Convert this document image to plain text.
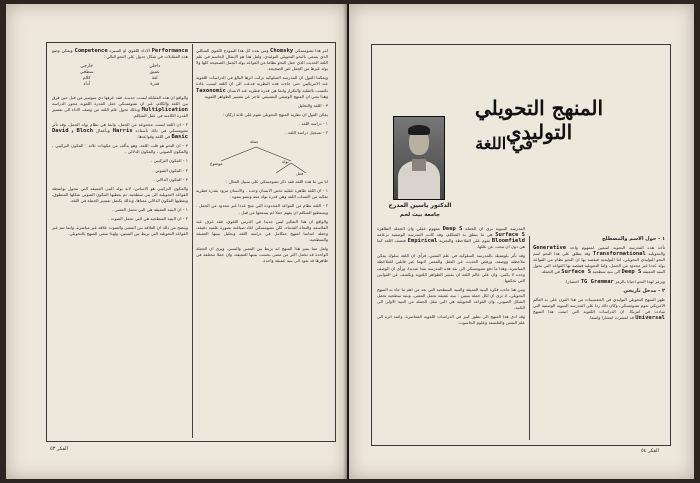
امر هذا تشومسكي Chomsky ومن بعده كل هذا النموذج اللغوي الشكلي الذي يسمى بالنحو التحويلي التوليدي، ولعل هذا هو الانتقال الحاسم في علم اللغة الحديث الذي جعل النحو نظاما من القواعد يولد الجمل الصحيحة كلها ولا يولد غيرها من الجمل غير الصحيحة.

ويمكننا القول ان المدرسة السلوكية تركت اثرها البالغ في الدراسات اللغوية عند الامريكيين حتى جاءت هذه النظرية فدعت الى ان اللغة ليست عادة تكتسب بالتقليد والتكرار وانما هي قدرة فطرية عند الانسان Taxonomic وهذا يعني ان المنهج الوصفي التصنيفي عاجز عن تفسير الظواهر اللغوية.

٣ - اللغة والتحليل

يمكن القول ان نظرية المنهج التحويلي تقوم على ثلاثة اركان :

١ - دراسة اللغة .

٢ - تسجيل دراسة اللغة .

جملة
موضوع	نواة
فعل

انا بين ما هذه اللغة فقد ذكر تشومسكي على سبيل المثال :

١ - ان اللغة ظاهرة عقلية تخص الانسان وحده ، والانسان مزود بقدرة فطرية تمكنه من اكتساب اللغة وهي قدرة تولد معه وتنمو بنموه .

٢ - اللغة نظام من القواعد المحدودة التي تنتج عددا غير محدود من الجمل . ويستطيع المتكلم ان يفهم جملا لم يسمعها من قبل .

والواقع ان هذا التفكير ليس جديدا في الدرس اللغوي، فقد عرف عند الفلاسفة والنحاة القدماء، لكن تشومسكي اعاد صياغته بصورة علمية دقيقة، وجعله اساسا لمنهج متكامل في دراسة اللغة وتحليل بنيتها العميقة والسطحية.

ولعل مما يميز هذا المنهج انه يربط بين المعنى والمبنى، ويرى ان الجملة الواحدة قد تحمل اكثر من معنى بحسب بنيتها العميقة، وان جملا مختلفة في ظاهرها قد تعود الى بنية عميقة واحدة.

Performance الاداء اللغوي او السيرة Competence ويمكن وضع هذه المقابلات في شكل جدول على النحو التالي :

داخلي
عميق
لغة
قدرة
خارجي
سطحي
كلام
أداء

والواقع ان هذه المقابلة ليست جديدة، فقد عرفها دي سوسير من قبل حين فرق بين اللغة والكلام، غير ان تشومسكي جعل القدرة اللغوية محور الدراسة Multiplication وبذلك تحول علم اللغة من وصف الاداء الى تفسير القدرة الكامنة في عقل المتكلم.

٢ - ان اللغة ليست مجموعة من الجمل، وانما هي نظام يولد الجمل، وقد تأثر تشومسكي في ذلك بأستاذه Harris وبأعمال Bloch و David Basic في اللغة وقواعدها.

٣ - ان النحو هو قلب اللغة، وهو يتألف من مكونات ثلاثة : المكون التركيبي ، والمكون الصوتي ، والمكون الدلالي .

١ - المكون التركيبي .

٢ - المكون الصوتي .

٣ - المكون الدلالي .

والمكون التركيبي هو الاساس، لانه يولد البنى العميقة التي تتحول بواسطة القواعد التحويلية الى بنى سطحية، ثم يعطيها المكون الصوتي شكلها المنطوق، ويعطيها المكون الدلالي معناها، وبذلك يكتمل تفسير الجملة في اللغة.

١ - ان البنية العميقة هي التي تحمل المعنى .

٢ - ان البنية السطحية هي التي تحمل الصوت .

ويتضح من ذلك ان العلاقة بين المعنى والصوت علاقة غير مباشرة، وانما تتم عبر القواعد التحويلية التي تربط بين البنيتين، ولهذا سمي المنهج بالتحويلي.

الفكر ٥٣
المنهج التحويلي التوليدي
في اللغة
الدكتور ياسين المدرج
جامعة بيت لحم

١ - حول الاسم والمصطلح

تأخذ هذه المدرسة النحوية اسمين لمفهوم واحد Generative والتحويلية Transformational وقد يطلق على هذا النحو اسم النحو التوليدي التحويلي، اما التوليدية فيقصد بها ان النحو نظام من القواعد يولد عددا غير محدود من الجمل، واما التحويلية فيقصد بها القواعد التي تحول البنية العميقة Deep S الى بنية سطحية Surface S في الجملة.

ويرمز لهذا النحو احيانا بالرمز TG Grammar اختصارا.

٢ - مدخل تاريخي

ظهر المنهج التحويلي التوليدي في الخمسينات من هذا القرن على يد العالم الامريكي نعوم تشومسكي، وكان ذلك ردا على المدرسة البنيوية الوصفية التي سادت في امريكا. ان الدراسات اللغوية التي اتبعت هذا المنهج Universal قد انتشرت انتشارا واسعا.

المدرسة البنيوية ترى ان الجملة Deep S مفهوم عقلي وان الجملة الظاهرة Surface S هي ما ينطق به المتكلم، وقد كانت المدرسة الوصفية بزعامة Bloomfield تقوم على الملاحظة والتجربة Empirical فتصف اللغة كما هي دون ان تبحث عن عللها.

وقد تأثر بلومفيلد بالمدرسة السلوكية في علم النفس، فرأى ان اللغة سلوك يمكن ملاحظته ووصفه، ورفض الحديث عن العقل والمعنى لانهما غير قابلين للملاحظة المباشرة، وهذا ما دفع تشومسكي الى نقد هذه المدرسة نقدا شديدا، ورأى ان الوصف وحده لا يكفي، وان على عالم اللغة ان يفسر الظواهر اللغوية ويكشف عن القوانين التي تحكمها.

ومن هنا جاءت فكرة البنية العميقة والبنية السطحية التي تعد من اهم ما جاء به المنهج التحويلي، اذ ترى ان لكل جملة بنيتين : بنية عميقة تحمل المعنى، وبنية سطحية تحمل الشكل الصوتي، وان القواعد التحويلية هي التي تنقل الجملة من البنية الاولى الى الثانية.

وقد ادى هذا المنهج الى تطور كبير في الدراسات اللغوية المعاصرة، وامتد اثره الى علم النفس والفلسفة وعلوم الحاسوب.

الفكر ٥٤
